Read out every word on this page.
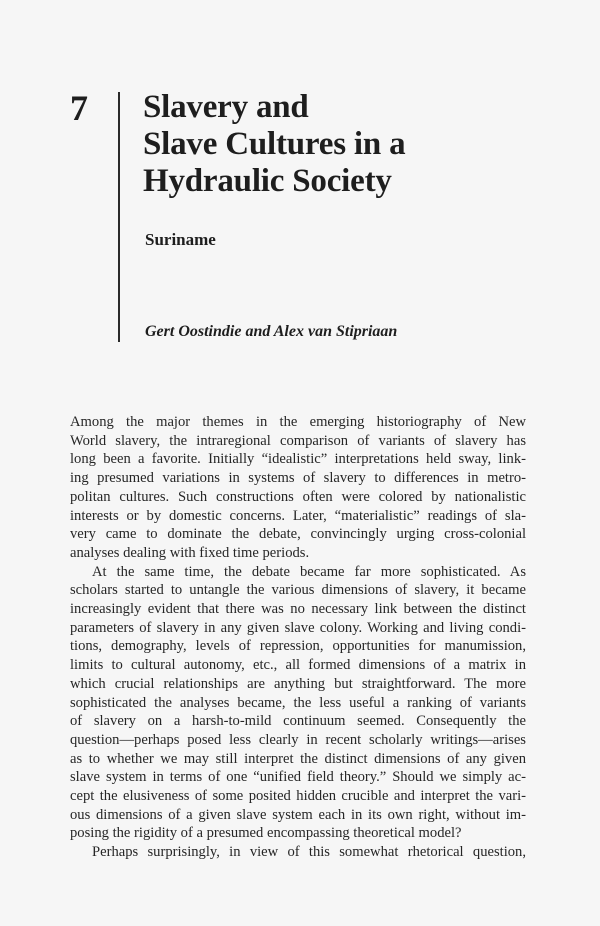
7 Slavery and
Slave Cultures in a
Hydraulic Society
Suriname
Gert Oostindie and Alex van Stipriaan

Among the major themes in the emerging historiography of New

World slavery, the intraregional comparison of variants of slavery has

long been a favorite. Initially “idealistic” interpretations held sway, link-

ing presumed variations in systems of slavery to differences in metro-

politan cultures. Such constructions often were colored by nationalistic

interests or by domestic concerns. Later, “materialistic” readings of sla-

very came to dominate the debate, convincingly urging cross-colonial

analyses dealing with fixed time periods.

At the same time, the debate became far more sophisticated. As

scholars started to untangle the various dimensions of slavery, it became

increasingly evident that there was no necessary link between the distinct

parameters of slavery in any given slave colony. Working and living condi-

tions, demography, levels of repression, opportunities for manumission,

limits to cultural autonomy, etc., all formed dimensions of a matrix in

which crucial relationships are anything but straightforward. The more

sophisticated the analyses became, the less useful a ranking of variants

of slavery on a harsh-to-mild continuum seemed. Consequently the

question—perhaps posed less clearly in recent scholarly writings—arises

as to whether we may still interpret the distinct dimensions of any given

slave system in terms of one “unified field theory.” Should we simply ac-

cept the elusiveness of some posited hidden crucible and interpret the vari-

ous dimensions of a given slave system each in its own right, without im-

posing the rigidity of a presumed encompassing theoretical model?

Perhaps surprisingly, in view of this somewhat rhetorical question,
